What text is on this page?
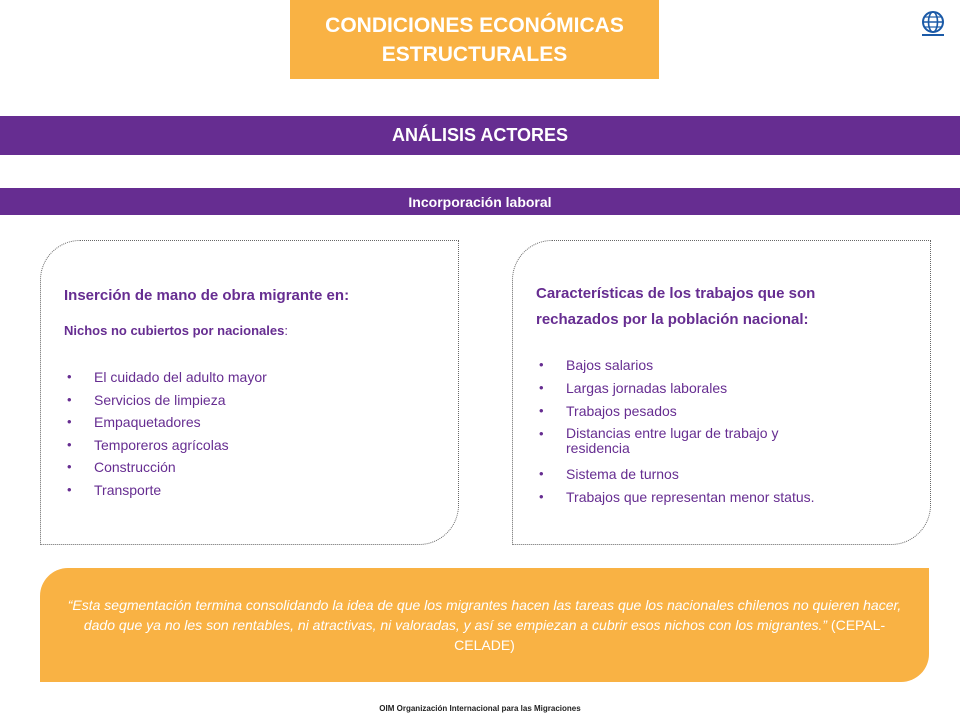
CONDICIONES ECONÓMICAS
ESTRUCTURALES
ANÁLISIS ACTORES
Incorporación laboral
Inserción de mano de obra migrante en:
Nichos no cubiertos por nacionales:
• El cuidado del adulto mayor
• Servicios de limpieza
• Empaquetadores
• Temporeros agrícolas
• Construcción
• Transporte
Características de los trabajos que son
rechazados por la población nacional:
• Bajos salarios
• Largas jornadas laborales
• Trabajos pesados
• Distancias entre lugar de trabajo y residencia
• Sistema de turnos
• Trabajos que representan menor status.
“Esta segmentación termina consolidando la idea de que los migrantes hacen las tareas que los nacionales chilenos no quieren hacer, dado que ya no les son rentables, ni atractivas, ni valoradas, y así se empiezan a cubrir esos nichos con los migrantes.” (CEPAL-CELADE)
OIM Organización Internacional para las Migraciones
